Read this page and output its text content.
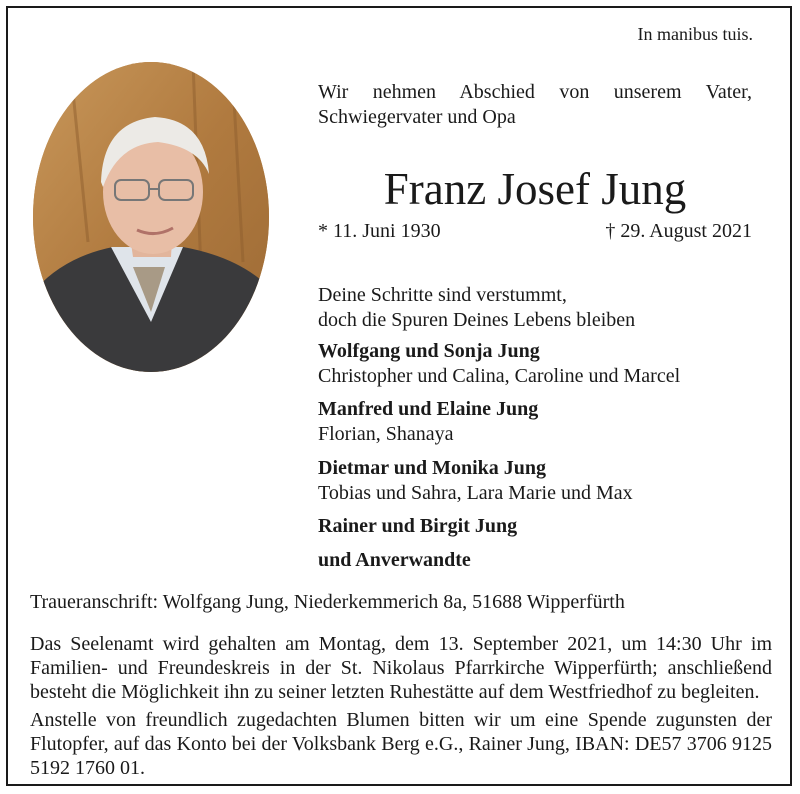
In manibus tuis.
Wir nehmen Abschied von unserem Vater,
Schwiegervater und Opa
Franz Josef Jung
* 11. Juni 1930	† 29. August 2021
Deine Schritte sind verstummt,
doch die Spuren Deines Lebens bleiben
Wolfgang und Sonja Jung
Christopher und Calina, Caroline und Marcel
Manfred und Elaine Jung
Florian, Shanaya
Dietmar und Monika Jung
Tobias und Sahra, Lara Marie und Max
Rainer und Birgit Jung
und Anverwandte
Traueranschrift: Wolfgang Jung, Niederkemmerich 8a, 51688 Wipperfürth
Das Seelenamt wird gehalten am Montag, dem 13. September 2021, um 14:30 Uhr im Familien- und Freundeskreis in der St. Nikolaus Pfarrkirche Wipperfürth; anschließend besteht die Möglichkeit ihn zu seiner letzten Ruhestätte auf dem Westfriedhof zu begleiten.
Anstelle von freundlich zugedachten Blumen bitten wir um eine Spende zugunsten der Flutopfer, auf das Konto bei der Volksbank Berg e.G., Rainer Jung, IBAN: DE57 3706 9125 5192 1760 01.
